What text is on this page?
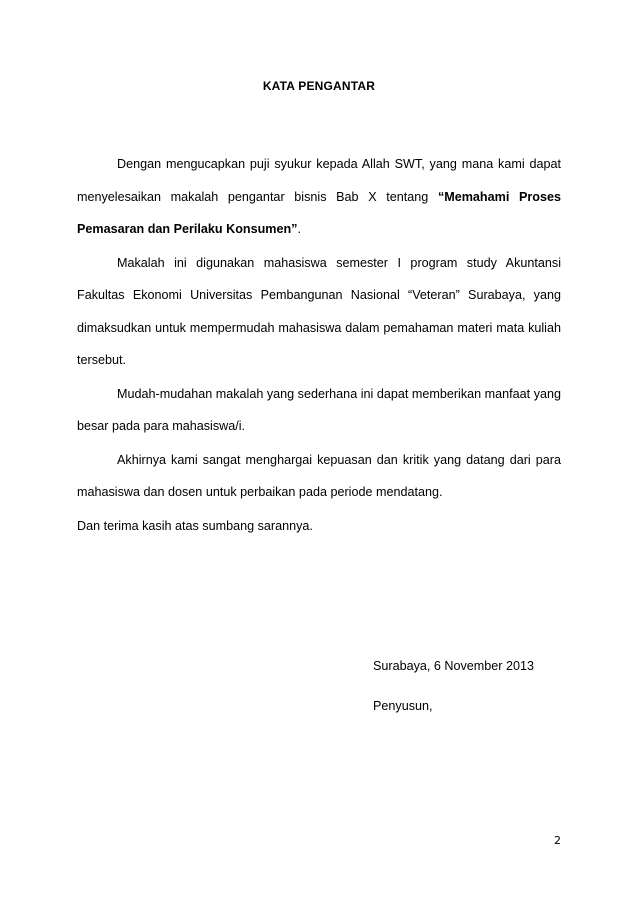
KATA PENGANTAR

Dengan mengucapkan puji syukur kepada Allah SWT, yang mana kami dapat menyelesaikan makalah pengantar bisnis Bab X tentang “Memahami Proses Pemasaran dan Perilaku Konsumen”.

Makalah ini digunakan mahasiswa semester I program study Akuntansi Fakultas Ekonomi Universitas Pembangunan Nasional “Veteran” Surabaya, yang dimaksudkan untuk mempermudah mahasiswa dalam pemahaman materi mata kuliah tersebut.

Mudah-mudahan makalah yang sederhana ini dapat memberikan manfaat yang besar pada para mahasiswa/i.

Akhirnya kami sangat menghargai kepuasan dan kritik yang datang dari para mahasiswa dan dosen untuk perbaikan pada periode mendatang.

Dan terima kasih atas sumbang sarannya.

Surabaya, 6 November 2013
Penyusun,
2
